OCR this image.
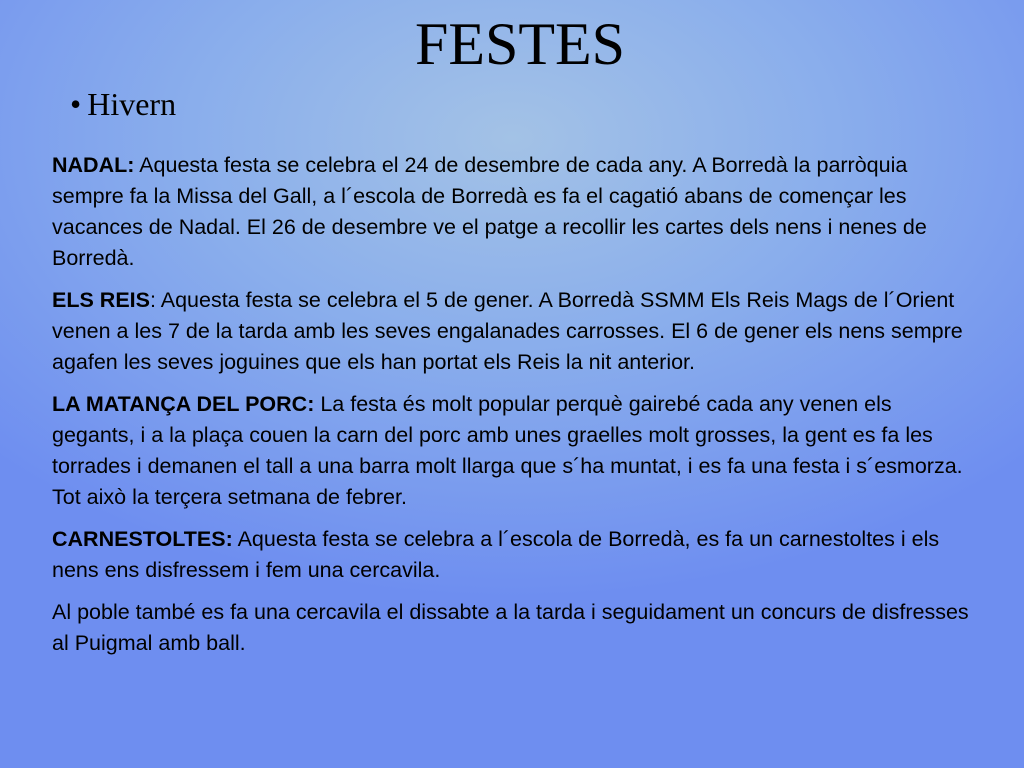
FESTES
• Hivern

NADAL: Aquesta festa se celebra el 24 de desembre de cada any. A Borredà la parròquia sempre fa la Missa del Gall, a l´escola de Borredà es fa el cagatió abans de començar les vacances de Nadal. El 26 de desembre ve el patge a recollir les cartes dels nens i nenes de Borredà.

ELS REIS: Aquesta festa se celebra el 5 de gener. A Borredà SSMM Els Reis Mags de l´Orient venen a les 7 de la tarda amb les seves engalanades carrosses. El 6 de gener els nens sempre agafen les seves joguines que els han portat els Reis la nit anterior.

LA MATANÇA DEL PORC: La festa és molt popular perquè gairebé cada any venen els gegants, i a la plaça couen la carn del porc amb unes graelles molt grosses, la gent es fa les torrades i demanen el tall a una barra molt llarga que s´ha muntat, i es fa una festa i s´esmorza. Tot això la terçera setmana de febrer.

CARNESTOLTES: Aquesta festa se celebra a l´escola de Borredà, es fa un carnestoltes i els nens ens disfressem i fem una cercavila.

Al poble també es fa una cercavila el dissabte a la tarda i seguidament un concurs de disfresses al Puigmal amb ball.
